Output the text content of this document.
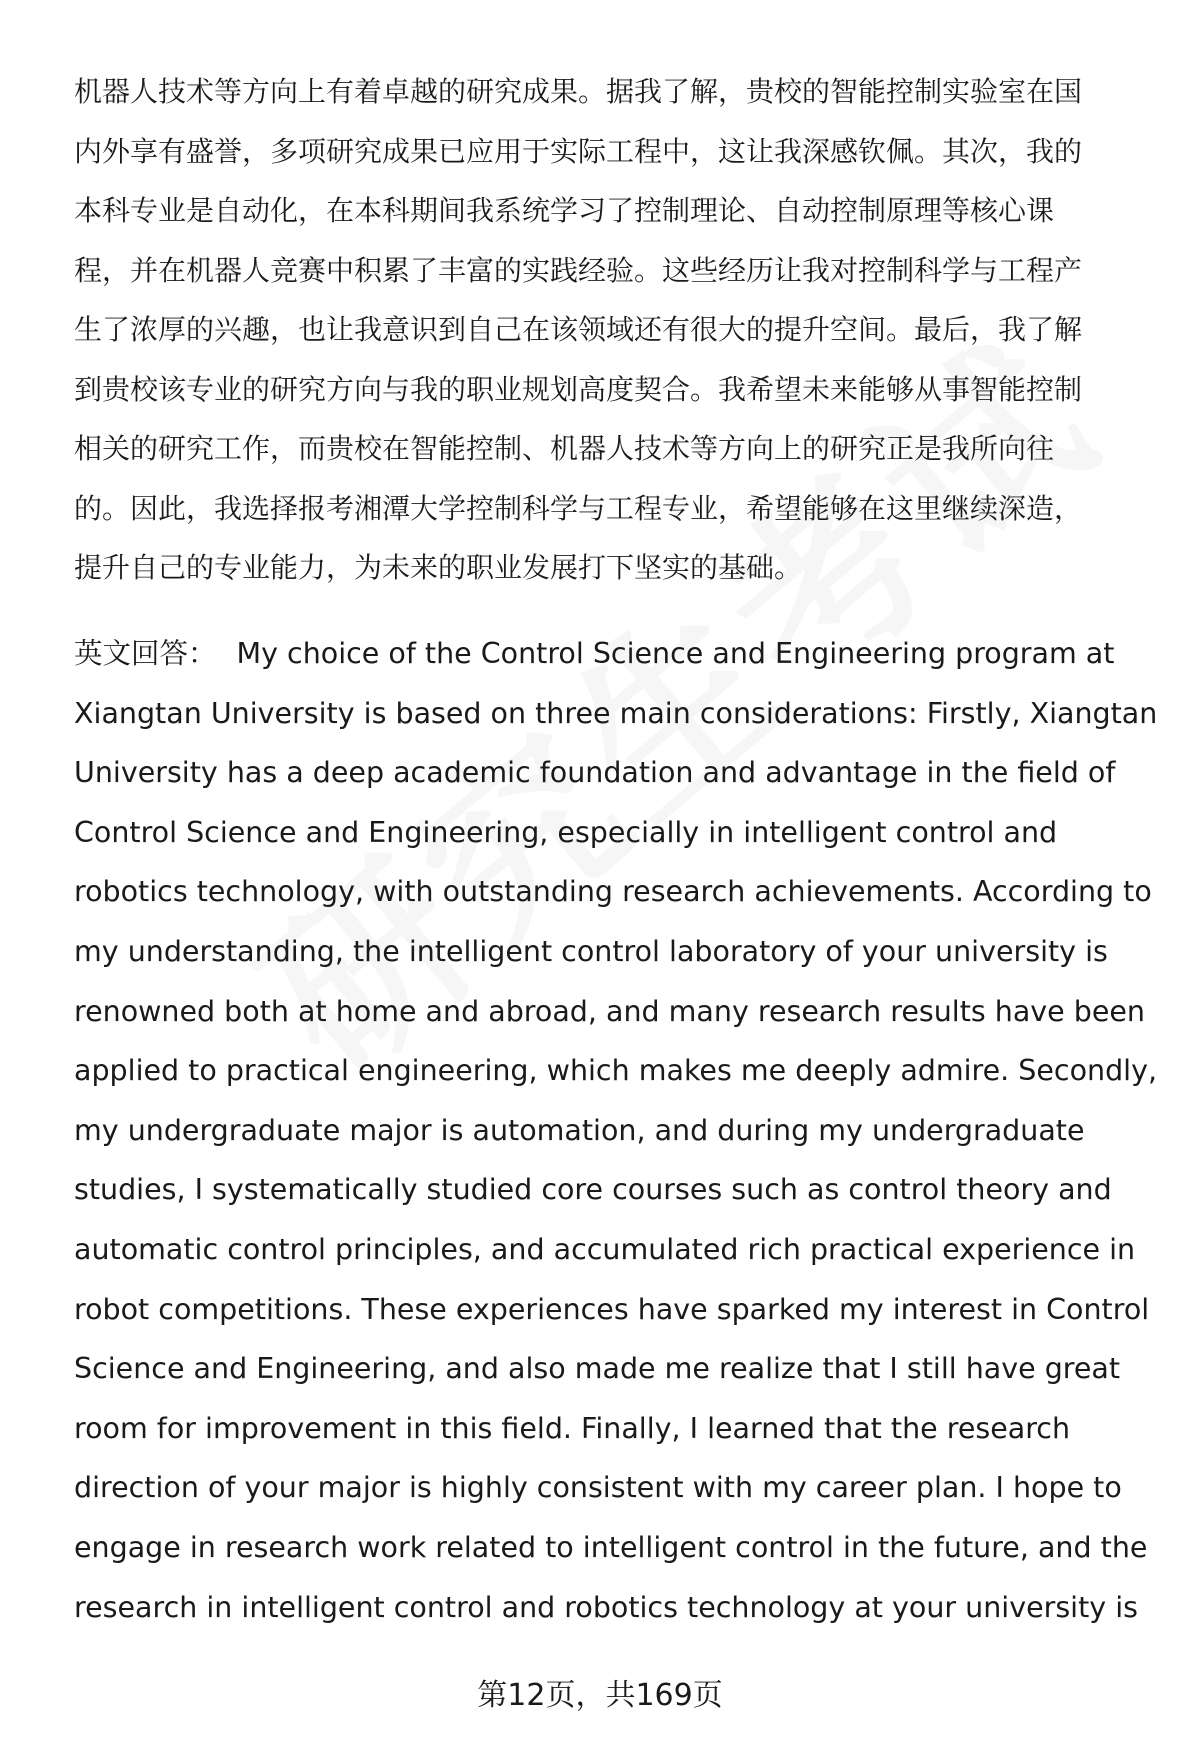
机器人技术等方向上有着卓越的研究成果。据我了解，贵校的智能控制实验室在国
内外享有盛誉，多项研究成果已应用于实际工程中，这让我深感钦佩。其次，我的
本科专业是自动化，在本科期间我系统学习了控制理论、自动控制原理等核心课
程，并在机器人竞赛中积累了丰富的实践经验。这些经历让我对控制科学与工程产
生了浓厚的兴趣，也让我意识到自己在该领域还有很大的提升空间。最后，我了解
到贵校该专业的研究方向与我的职业规划高度契合。我希望未来能够从事智能控制
相关的研究工作，而贵校在智能控制、机器人技术等方向上的研究正是我所向往
的。因此，我选择报考湘潭大学控制科学与工程专业，希望能够在这里继续深造，
提升自己的专业能力，为未来的职业发展打下坚实的基础。
英文回答： My choice of the Control Science and Engineering program at
Xiangtan University is based on three main considerations: Firstly, Xiangtan
University has a deep academic foundation and advantage in the field of
Control Science and Engineering, especially in intelligent control and
robotics technology, with outstanding research achievements. According to
my understanding, the intelligent control laboratory of your university is
renowned both at home and abroad, and many research results have been
applied to practical engineering, which makes me deeply admire. Secondly,
my undergraduate major is automation, and during my undergraduate
studies, I systematically studied core courses such as control theory and
automatic control principles, and accumulated rich practical experience in
robot competitions. These experiences have sparked my interest in Control
Science and Engineering, and also made me realize that I still have great
room for improvement in this field. Finally, I learned that the research
direction of your major is highly consistent with my career plan. I hope to
engage in research work related to intelligent control in the future, and the
research in intelligent control and robotics technology at your university is
第12页，共169页
